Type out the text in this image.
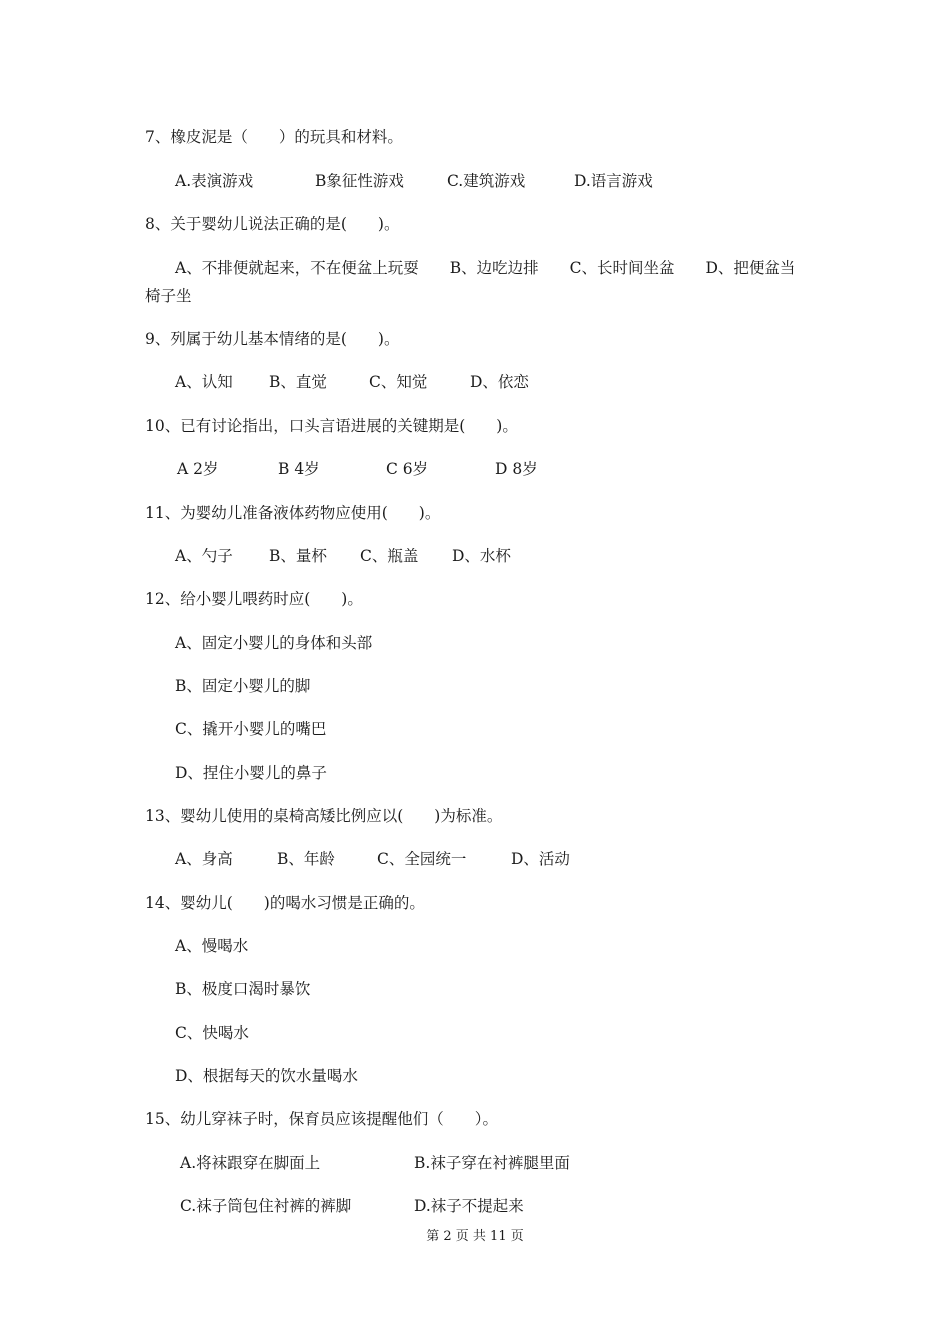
7、橡皮泥是（　　）的玩具和材料。
A.表演游戏	B象征性游戏	C.建筑游戏	D.语言游戏
8、关于婴幼儿说法正确的是(　　)。
A、不排便就起来，不在便盆上玩耍　　B、边吃边排　　C、长时间坐盆　　D、把便盆当
椅子坐
9、列属于幼儿基本情绪的是(　　)。
A、认知 B、直觉	C、知觉	D、依恋
10、已有讨论指出，口头言语进展的关键期是(　　)。
A 2岁	B 4岁	C 6岁	D 8岁
11、为婴幼儿准备液体药物应使用(　　)。
A、勺子 B、量杯 C、瓶盖 D、水杯
12、给小婴儿喂药时应(　　)。
A、固定小婴儿的身体和头部
B、固定小婴儿的脚
C、撬开小婴儿的嘴巴
D、捏住小婴儿的鼻子
13、婴幼儿使用的桌椅高矮比例应以(　　)为标准。
A、身高	B、年龄	C、全园统一	D、活动
14、婴幼儿(　　)的喝水习惯是正确的。
A、慢喝水
B、极度口渴时暴饮
C、快喝水
D、根据每天的饮水量喝水
15、幼儿穿袜子时，保育员应该提醒他们（　　）。
A.将袜跟穿在脚面上	B.袜子穿在衬裤腿里面
C.袜子筒包住衬裤的裤脚	D.袜子不提起来
第 2 页 共 11 页
